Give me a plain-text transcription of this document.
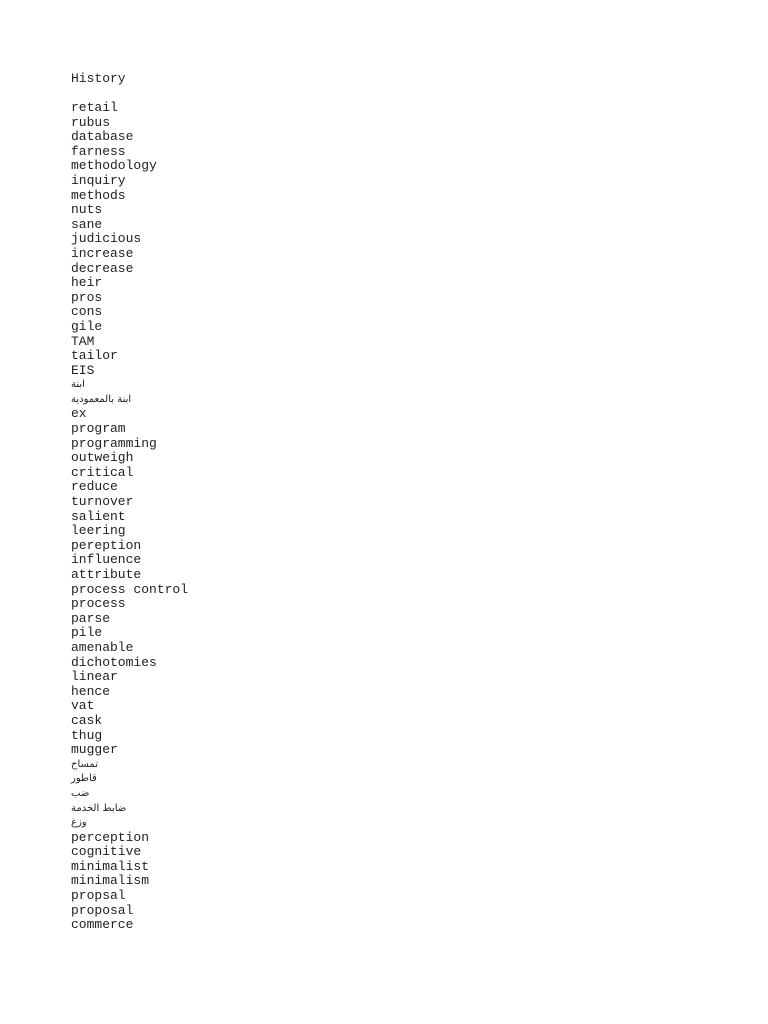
History
retail
rubus
database
farness
methodology
inquiry
methods
nuts
sane
judicious
increase
decrease
heir
pros
cons
gile
TAM
tailor
EIS
ابنة
ابنة بالمعمودية
ex
program
programming
outweigh
critical
reduce
turnover
salient
leering
pereption
influence
attribute
process control
process
parse
pile
amenable
dichotomies
linear
hence
vat
cask
thug
mugger
تمساح
قاطور
ضب
ضابط الخدمة
وزغ
perception
cognitive
minimalist
minimalism
propsal
proposal
commerce
